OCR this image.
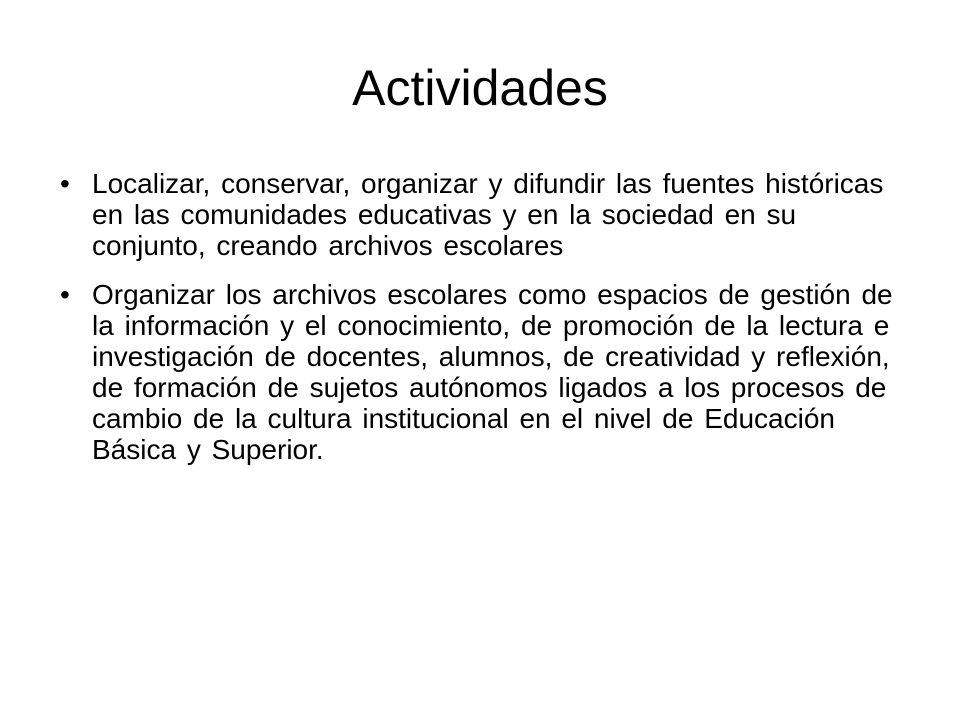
Actividades
• Localizar, conservar, organizar y difundir las fuentes históricas en las comunidades educativas y en la sociedad en su conjunto, creando archivos escolares
• Organizar los archivos escolares como espacios de gestión de la información y el conocimiento, de promoción de la lectura e investigación de docentes, alumnos, de creatividad y reflexión, de formación de sujetos autónomos ligados a los procesos de cambio de la cultura institucional en el nivel de Educación Básica y Superior.
